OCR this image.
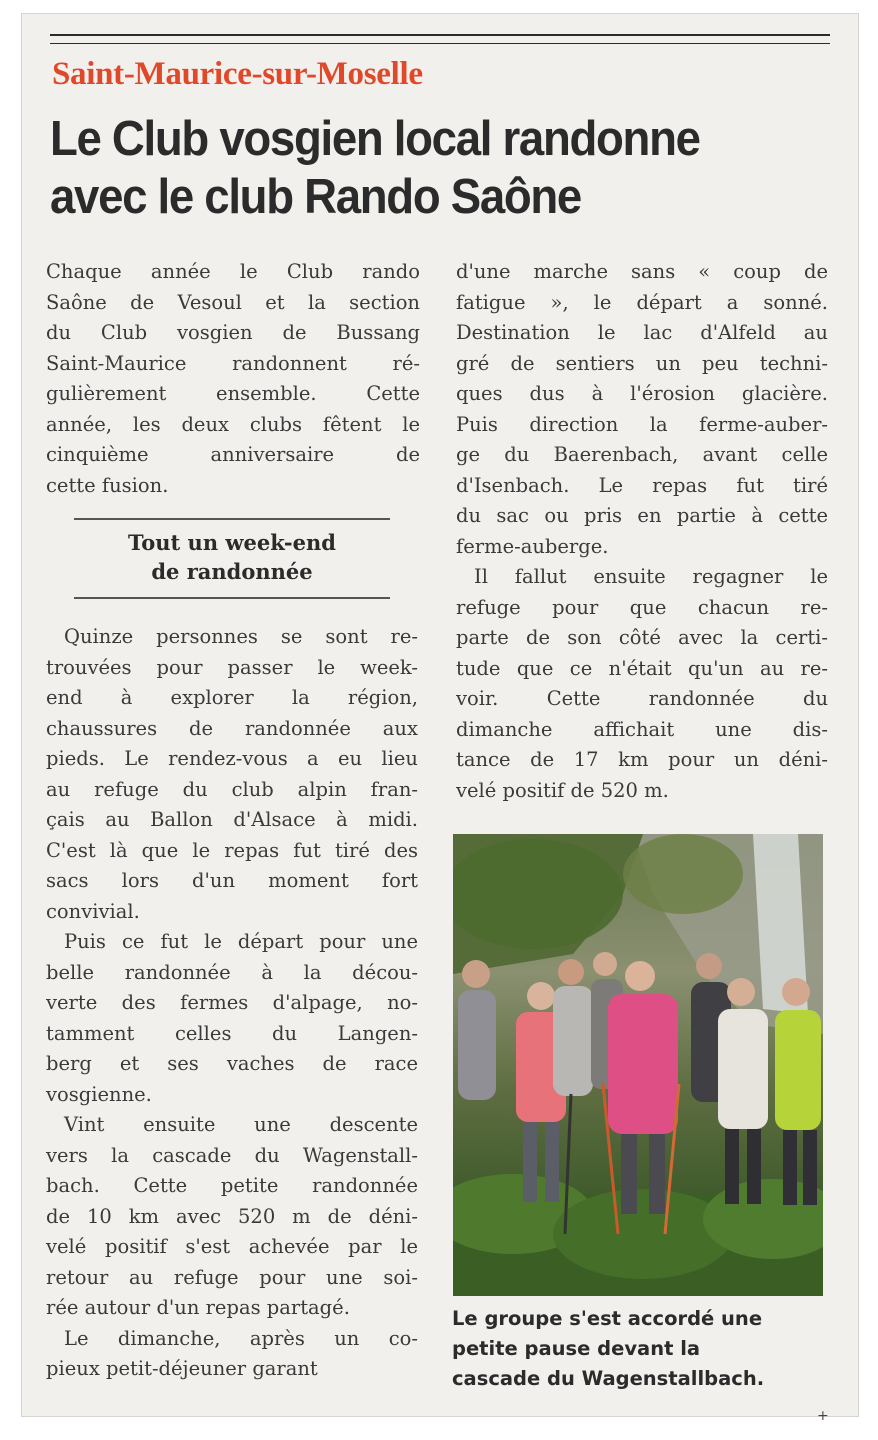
Saint-Maurice-sur-Moselle
Le Club vosgien local randonne
avec le club Rando Saône
Chaque année le Club rando
Saône de Vesoul et la section
du Club vosgien de Bussang
Saint-Maurice randonnent ré-
gulièrement ensemble. Cette
année, les deux clubs fêtent le
cinquième anniversaire de
cette fusion.
Tout un week-end
de randonnée
Quinze personnes se sont re-
trouvées pour passer le week-
end à explorer la région,
chaussures de randonnée aux
pieds. Le rendez-vous a eu lieu
au refuge du club alpin fran-
çais au Ballon d'Alsace à midi.
C'est là que le repas fut tiré des
sacs lors d'un moment fort
convivial.
Puis ce fut le départ pour une
belle randonnée à la décou-
verte des fermes d'alpage, no-
tamment celles du Langen-
berg et ses vaches de race
vosgienne.
Vint ensuite une descente
vers la cascade du Wagenstall-
bach. Cette petite randonnée
de 10 km avec 520 m de déni-
velé positif s'est achevée par le
retour au refuge pour une soi-
rée autour d'un repas partagé.
Le dimanche, après un co-
pieux petit-déjeuner garant
d'une marche sans « coup de
fatigue », le départ a sonné.
Destination le lac d'Alfeld au
gré de sentiers un peu techni-
ques dus à l'érosion glacière.
Puis direction la ferme-auber-
ge du Baerenbach, avant celle
d'Isenbach. Le repas fut tiré
du sac ou pris en partie à cette
ferme-auberge.
Il fallut ensuite regagner le
refuge pour que chacun re-
parte de son côté avec la certi-
tude que ce n'était qu'un au re-
voir. Cette randonnée du
dimanche affichait une dis-
tance de 17 km pour un déni-
velé positif de 520 m.
Le groupe s'est accordé une
petite pause devant la
cascade du Wagenstallbach.
+
